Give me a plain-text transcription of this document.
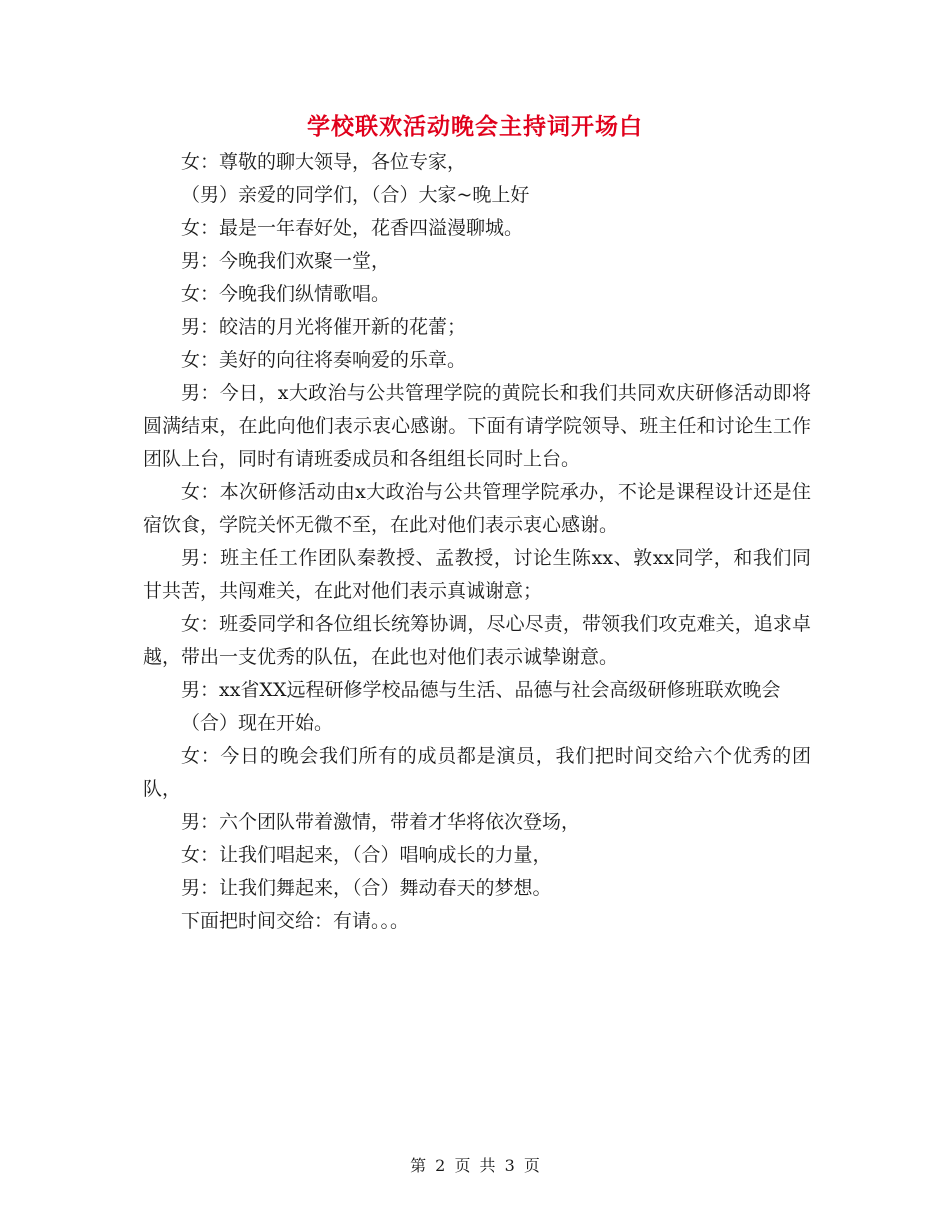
学校联欢活动晚会主持词开场白

女：尊敬的聊大领导，各位专家，

（男）亲爱的同学们，（合）大家~晚上好

女：最是一年春好处，花香四溢漫聊城。

男：今晚我们欢聚一堂，

女：今晚我们纵情歌唱。

男：皎洁的月光将催开新的花蕾；

女：美好的向往将奏响爱的乐章。

男：今日，x大政治与公共管理学院的黄院长和我们共同欢庆研修活动即将圆满结束，在此向他们表示衷心感谢。下面有请学院领导、班主任和讨论生工作团队上台，同时有请班委成员和各组组长同时上台。

女：本次研修活动由x大政治与公共管理学院承办，不论是课程设计还是住宿饮食，学院关怀无微不至，在此对他们表示衷心感谢。

男：班主任工作团队秦教授、孟教授，讨论生陈xx、敦xx同学，和我们同甘共苦，共闯难关，在此对他们表示真诚谢意；

女：班委同学和各位组长统筹协调，尽心尽责，带领我们攻克难关，追求卓越，带出一支优秀的队伍，在此也对他们表示诚挚谢意。

男：xx省XX远程研修学校品德与生活、品德与社会高级研修班联欢晚会

（合）现在开始。

女：今日的晚会我们所有的成员都是演员，我们把时间交给六个优秀的团队，

男：六个团队带着激情，带着才华将依次登场，

女：让我们唱起来，（合）唱响成长的力量，

男：让我们舞起来，（合）舞动春天的梦想。

下面把时间交给：有请。。。

第 2 页 共 3 页
